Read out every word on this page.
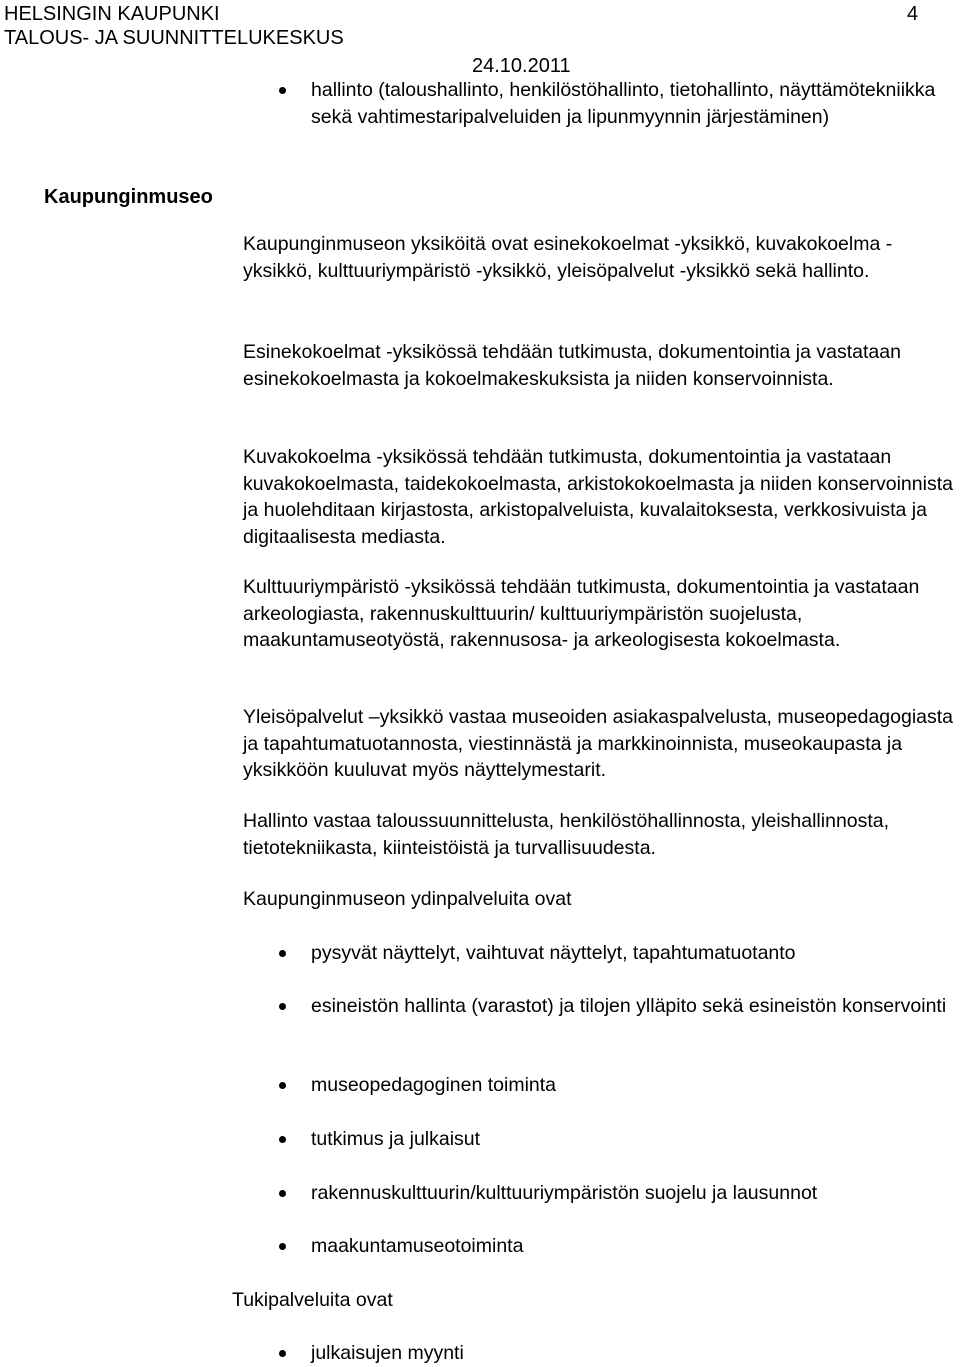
HELSINGIN KAUPUNKI
TALOUS- JA SUUNNITTELUKESKUS
4
24.10.2011
hallinto (taloushallinto, henkilöstöhallinto, tietohallinto, näyttämötekniikka sekä vahtimestaripalveluiden ja lipunmyynnin järjestäminen)
Kaupunginmuseo

Kaupunginmuseon yksiköitä ovat esinekokoelmat -yksikkö, kuvakokoelma -yksikkö, kulttuuriympäristö -yksikkö, yleisöpalvelut -yksikkö sekä hallinto.

Esinekokoelmat -yksikössä tehdään tutkimusta, dokumentointia ja vastataan esinekokoelmasta ja kokoelmakeskuksista ja niiden konservoinnista.

Kuvakokoelma -yksikössä tehdään tutkimusta, dokumentointia ja vastataan kuvakokoelmasta, taidekokoelmasta, arkistokokoelmasta ja niiden konservoinnista ja huolehditaan kirjastosta, arkistopalveluista, kuvalaitoksesta, verkkosivuista ja digitaalisesta mediasta.

Kulttuuriympäristö -yksikössä tehdään tutkimusta, dokumentointia ja vastataan arkeologiasta, rakennuskulttuurin/ kulttuuriympäristön suojelusta, maakuntamuseotyöstä, rakennusosa- ja arkeologisesta kokoelmasta.

Yleisöpalvelut –yksikkö vastaa museoiden asiakaspalvelusta, museopedagogiasta ja tapahtumatuotannosta, viestinnästä ja markkinoinnista, museokaupasta ja yksikköön kuuluvat myös näyttelymestarit.

Hallinto vastaa taloussuunnittelusta, henkilöstöhallinnosta, yleishallinnosta, tietotekniikasta, kiinteistöistä ja turvallisuudesta.

Kaupunginmuseon ydinpalveluita ovat
pysyvät näyttelyt, vaihtuvat näyttelyt, tapahtumatuotanto
esineistön hallinta (varastot) ja tilojen ylläpito sekä esineistön konservointi
museopedagoginen toiminta
tutkimus ja julkaisut
rakennuskulttuurin/kulttuuriympäristön suojelu ja lausunnot
maakuntamuseotoiminta
Tukipalveluita ovat
julkaisujen myynti
